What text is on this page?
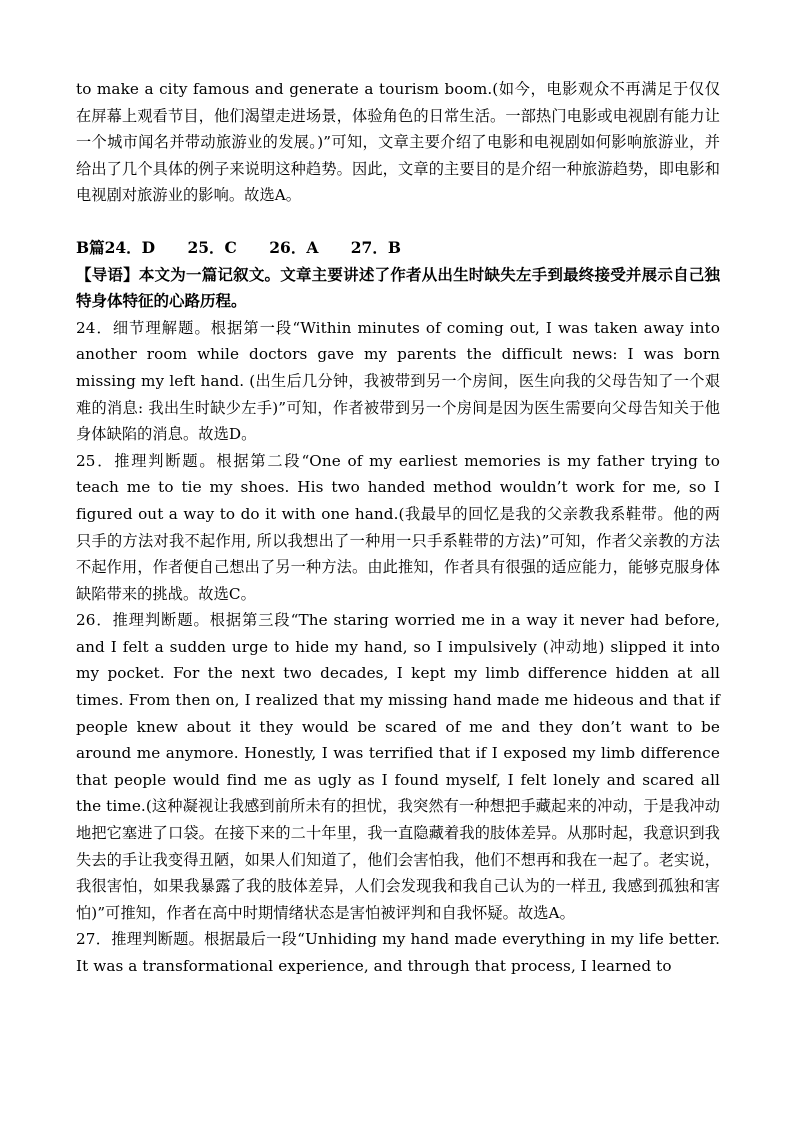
to make a city famous and generate a tourism boom.(如今，电影观众不再满足于仅仅在屏幕上观看节目，他们渴望走进场景，体验角色的日常生活。一部热门电影或电视剧有能力让一个城市闻名并带动旅游业的发展。)”可知，文章主要介绍了电影和电视剧如何影响旅游业，并给出了几个具体的例子来说明这种趋势。因此，文章的主要目的是介绍一种旅游趋势，即电影和电视剧对旅游业的影响。故选A。

B篇24．D      25．C      26．A      27．B

【导语】本文为一篇记叙文。文章主要讲述了作者从出生时缺失左手到最终接受并展示自己独特身体特征的心路历程。

24．细节理解题。根据第一段“Within minutes of coming out, I was taken away into another room while doctors gave my parents the difficult news: I was born missing my left hand. (出生后几分钟，我被带到另一个房间，医生向我的父母告知了一个艰难的消息: 我出生时缺少左手)”可知，作者被带到另一个房间是因为医生需要向父母告知关于他身体缺陷的消息。故选D。

25．推理判断题。根据第二段“One of my earliest memories is my father trying to teach me to tie my shoes. His two handed method wouldn’t work for me, so I figured out a way to do it with one hand.(我最早的回忆是我的父亲教我系鞋带。他的两只手的方法对我不起作用, 所以我想出了一种用一只手系鞋带的方法)”可知，作者父亲教的方法不起作用，作者便自己想出了另一种方法。由此推知，作者具有很强的适应能力，能够克服身体缺陷带来的挑战。故选C。

26．推理判断题。根据第三段“The staring worried me in a way it never had before, and I felt a sudden urge to hide my hand, so I impulsively (冲动地) slipped it into my pocket. For the next two decades, I kept my limb difference hidden at all times. From then on, I realized that my missing hand made me hideous and that if people knew about it they would be scared of me and they don’t want to be around me anymore. Honestly, I was terrified that if I exposed my limb difference that people would find me as ugly as I found myself, I felt lonely and scared all the time.(这种凝视让我感到前所未有的担忧，我突然有一种想把手藏起来的冲动，于是我冲动地把它塞进了口袋。在接下来的二十年里，我一直隐藏着我的肢体差异。从那时起，我意识到我失去的手让我变得丑陋，如果人们知道了，他们会害怕我，他们不想再和我在一起了。老实说，我很害怕，如果我暴露了我的肢体差异，人们会发现我和我自己认为的一样丑, 我感到孤独和害怕)”可推知，作者在高中时期情绪状态是害怕被评判和自我怀疑。故选A。

27．推理判断题。根据最后一段“Unhiding my hand made everything in my life better. It was a transformational experience, and through that process, I learned to
